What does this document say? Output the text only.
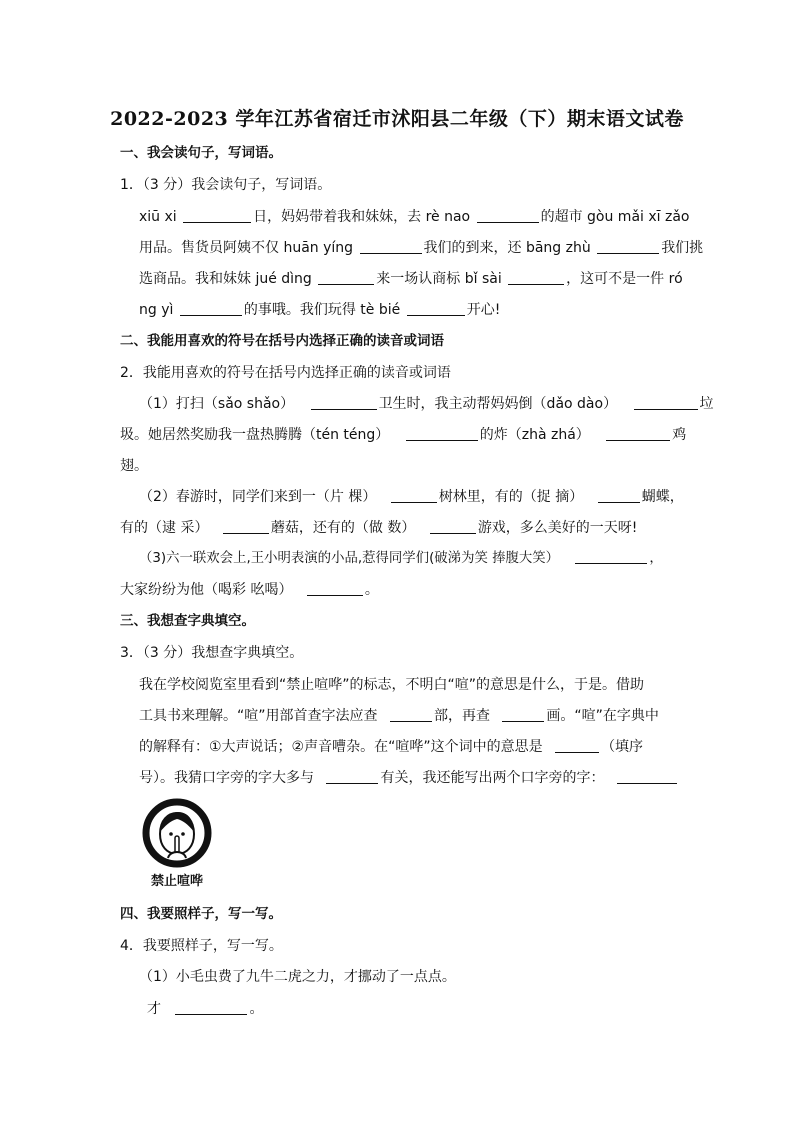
2022-2023 学年江苏省宿迁市沭阳县二年级（下）期末语文试卷
一、我会读句子，写词语。
1．（3 分）我会读句子，写词语。
xiū xi	日，妈妈带着我和妹妹，去 rè nao	的超市 gòu mǎi xī zǎo
用品。售货员阿姨不仅 huān yíng	我们的到来，还 bāng zhù	我们挑
选商品。我和妹妹 jué dìng	来一场认商标 bǐ sài	，这可不是一件 ró
ng yì	的事哦。我们玩得 tè bié	开心!
二、我能用喜欢的符号在括号内选择正确的读音或词语
2．我能用喜欢的符号在括号内选择正确的读音或词语
（1）打扫（sǎo shǎo）	卫生时，我主动帮妈妈倒（dǎo dào）	垃
圾。她居然奖励我一盘热腾腾（tén téng）	的炸（zhà zhá）	鸡
翅。
（2）春游时，同学们来到一（片 棵）	树林里，有的（捉 摘）	蝴蝶，
有的（逮 采）	蘑菇，还有的（做 数）	游戏，多么美好的一天呀!
（3)六一联欢会上,王小明表演的小品,惹得同学们(破涕为笑 捧腹大笑）	，
大家纷纷为他（喝彩 吆喝）	。
三、我想查字典填空。
3．（3 分）我想查字典填空。
我在学校阅览室里看到“禁止喧哗”的标志，不明白“喧”的意思是什么，于是。借助
工具书来理解。“喧”用部首查字法应查	部，再查	画。“喧”在字典中
的解释有：①大声说话；②声音嘈杂。在“喧哗”这个词中的意思是	（填序
号）。我猜口字旁的字大多与	有关，我还能写出两个口字旁的字：
禁止喧哗
四、我要照样子，写一写。
4．我要照样子，写一写。
（1）小毛虫费了九牛二虎之力，才挪动了一点点。
才	。
